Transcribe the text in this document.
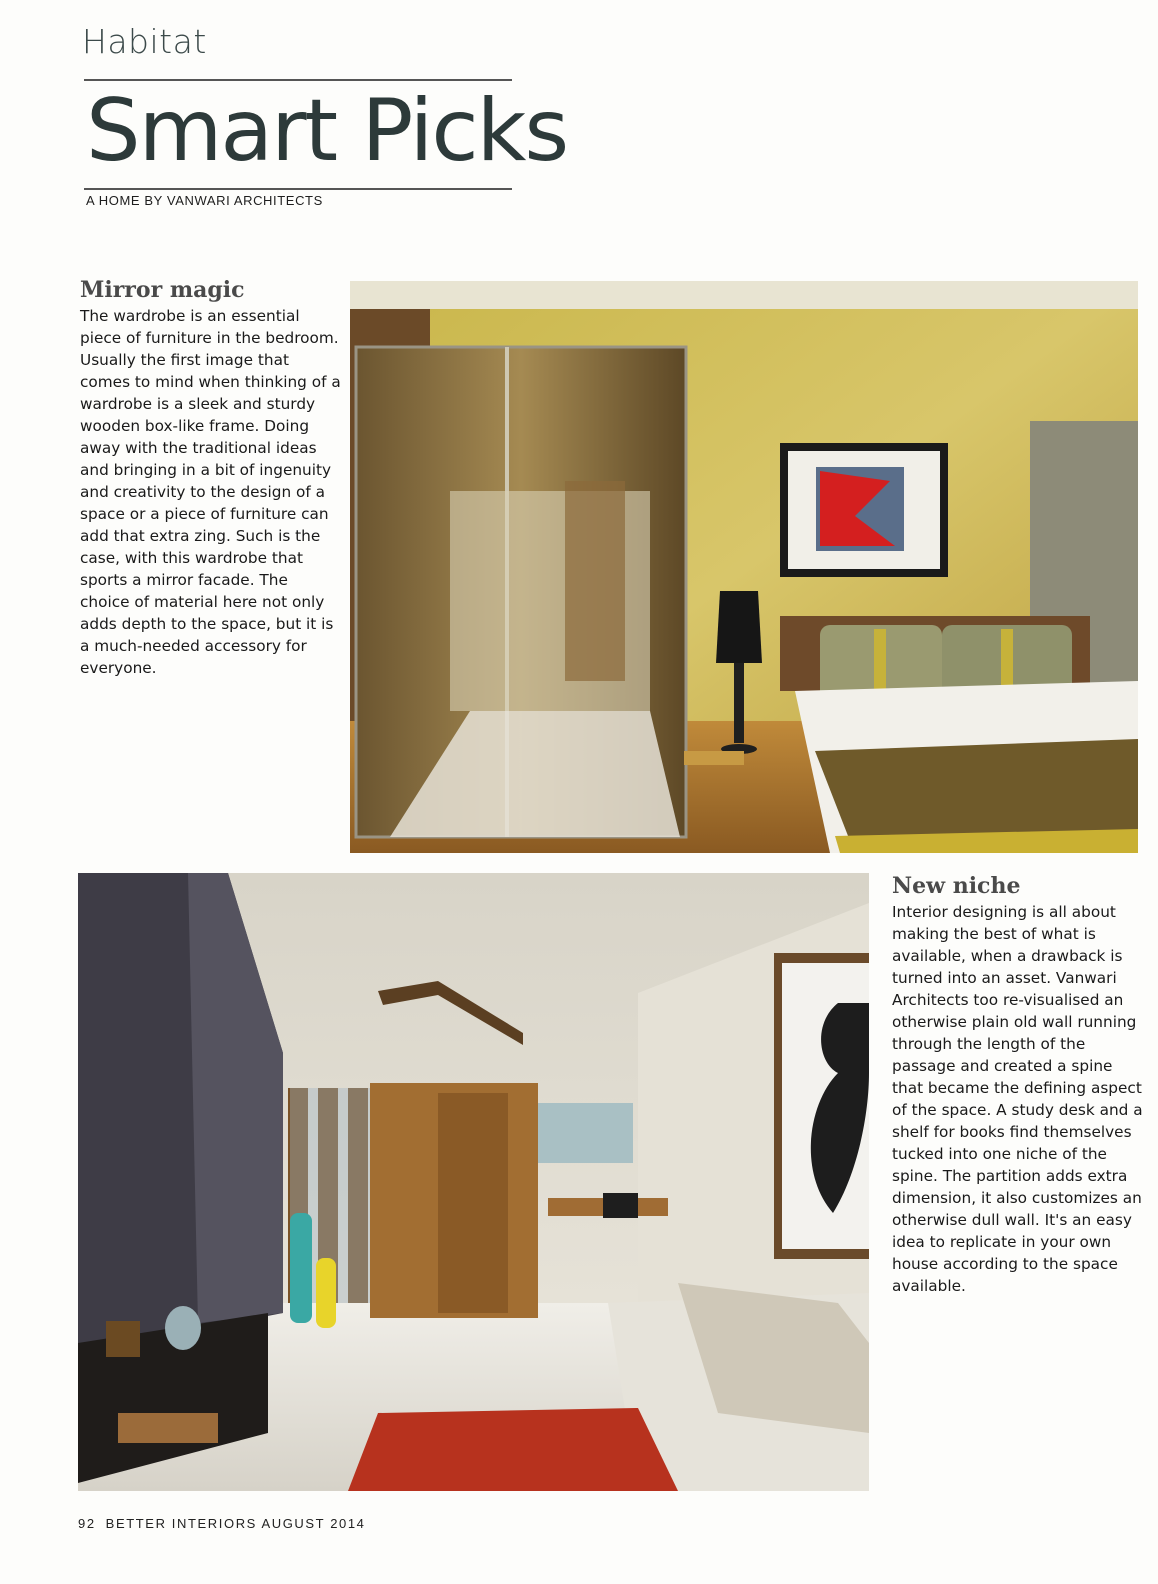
Habitat
Smart Picks
A HOME BY VANWARI ARCHITECTS
Mirror magic

The wardrobe is an essential piece of furniture in the bedroom. Usually the first image that comes to mind when thinking of a wardrobe is a sleek and sturdy wooden box-like frame. Doing away with the traditional ideas and bringing in a bit of ingenuity and creativity to the design of a space or a piece of furniture can add that extra zing. Such is the case, with this wardrobe that sports a mirror facade. The choice of material here not only adds depth to the space, but it is a much-needed accessory for everyone.

New niche

Interior designing is all about making the best of what is available, when a drawback is turned into an asset. Vanwari Architects too re-visualised an otherwise plain old wall running through the length of the passage and created a spine that became the defining aspect of the space. A study desk and a shelf for books find themselves tucked into one niche of the spine. The partition adds extra dimension, it also customizes an otherwise dull wall. It's an easy idea to replicate in your own house according to the space available.

92 BETTER INTERIORS AUGUST 2014
